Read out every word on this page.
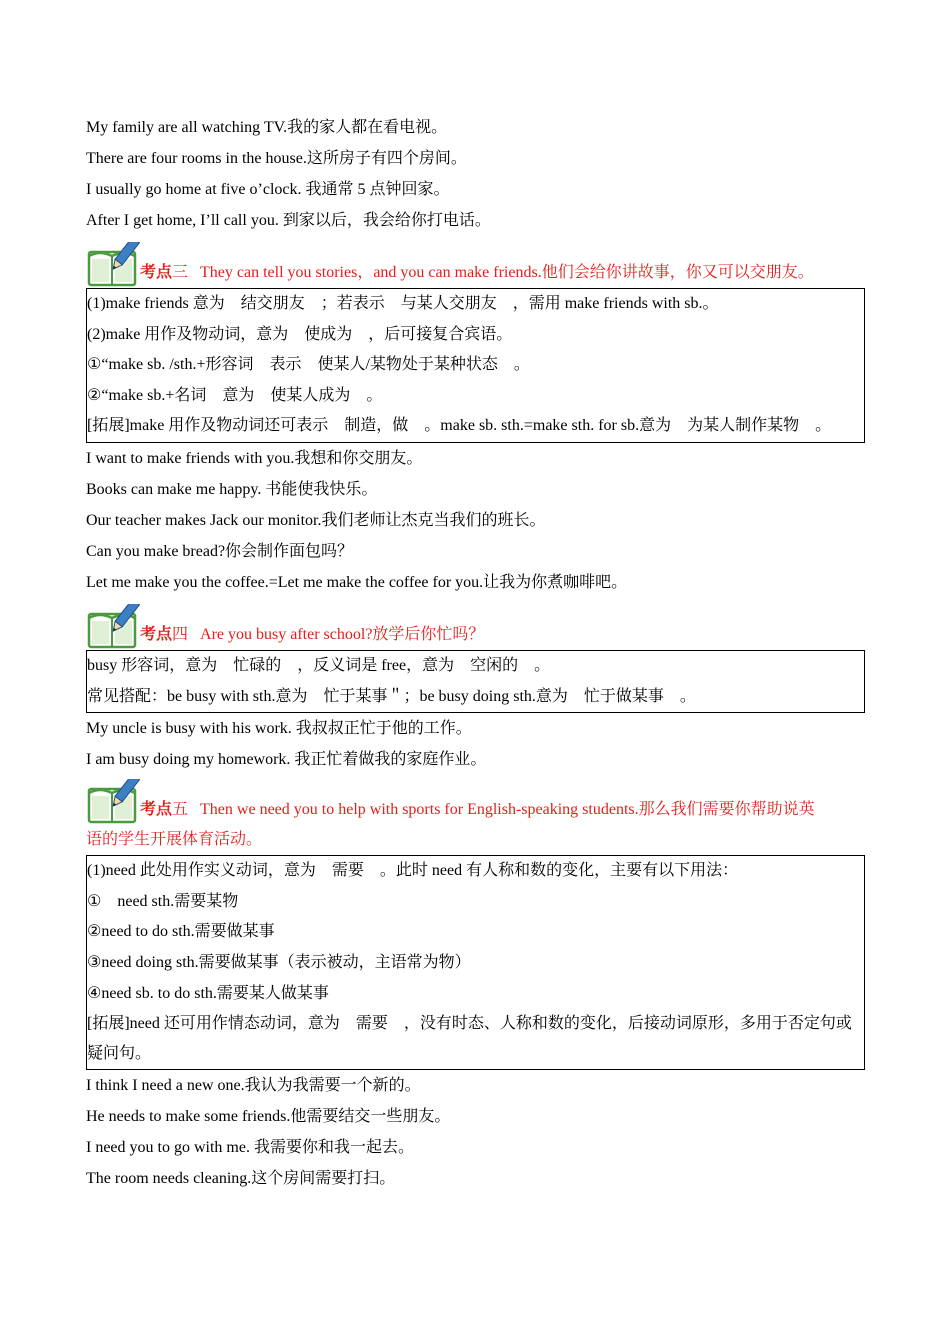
My family are all watching TV.我的家人都在看电视。
There are four rooms in the house.这所房子有四个房间。
I usually go home at five o’clock. 我通常 5 点钟回家。
After I get home, I’ll call you. 到家以后，我会给你打电话。
考点三 They can tell you stories，and you can make friends.他们会给你讲故事，你又可以交朋友。
(1)make friends 意为　结交朋友　；若表示　与某人交朋友　，需用 make friends with sb.。
(2)make 用作及物动词，意为　使成为　，后可接复合宾语。
①“make sb. /sth.+形容词　表示　使某人/某物处于某种状态　。
②“make sb.+名词　意为　使某人成为　。
[拓展]make 用作及物动词还可表示　制造，做　。make sb. sth.=make sth. for sb.意为　为某人制作某物　。
I want to make friends with you.我想和你交朋友。
Books can make me happy. 书能使我快乐。
Our teacher makes Jack our monitor.我们老师让杰克当我们的班长。
Can you make bread?你会制作面包吗？
Let me make you the coffee.=Let me make the coffee for you.让我为你煮咖啡吧。
考点四 Are you busy after school?放学后你忙吗？
busy 形容词，意为　忙碌的　，反义词是 free，意为　空闲的　。
常见搭配：be busy with sth.意为　忙于某事＂；be busy doing sth.意为　忙于做某事　。
My uncle is busy with his work. 我叔叔正忙于他的工作。
I am busy doing my homework. 我正忙着做我的家庭作业。
考点五 Then we need you to help with sports for English-speaking students.那么我们需要你帮助说英
语的学生开展体育活动。
(1)need 此处用作实义动词，意为　需要　。此时 need 有人称和数的变化，主要有以下用法：
①　need sth.需要某物
②need to do sth.需要做某事
③need doing sth.需要做某事（表示被动，主语常为物）
④need sb. to do sth.需要某人做某事
[拓展]need 还可用作情态动词，意为　需要　，没有时态、人称和数的变化，后接动词原形，多用于否定句或疑问句。
I think I need a new one.我认为我需要一个新的。
He needs to make some friends.他需要结交一些朋友。
I need you to go with me. 我需要你和我一起去。
The room needs cleaning.这个房间需要打扫。
